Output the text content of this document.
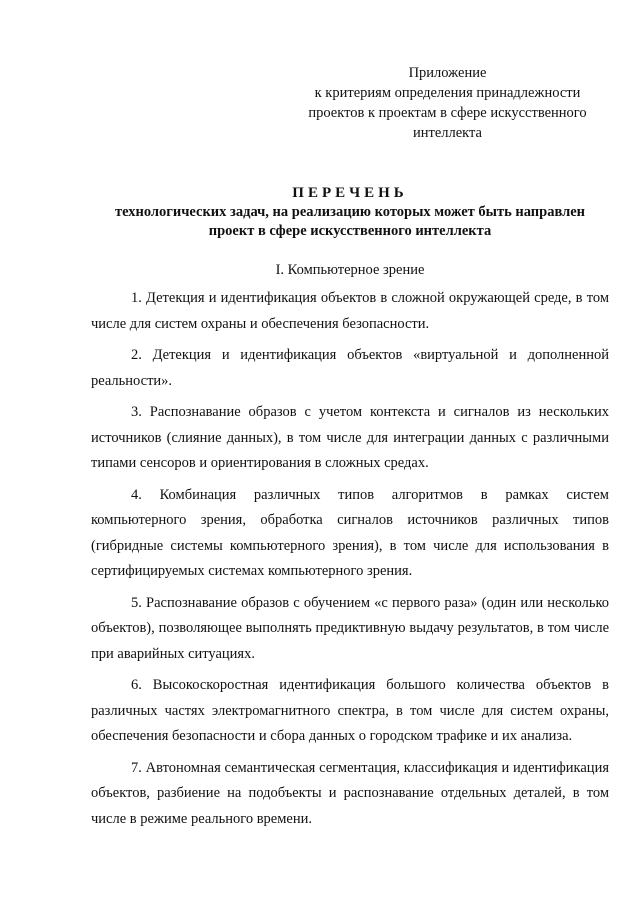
Приложение
к критериям определения принадлежности
проектов к проектам в сфере искусственного
интеллекта
ПЕРЕЧЕНЬ
технологических задач, на реализацию которых может быть направлен
проект в сфере искусственного интеллекта
I. Компьютерное зрение

1. Детекция и идентификация объектов в сложной окружающей среде, в том числе для систем охраны и обеспечения безопасности.

2. Детекция и идентификация объектов «виртуальной и дополненной реальности».

3. Распознавание образов с учетом контекста и сигналов из нескольких источников (слияние данных), в том числе для интеграции данных с различными типами сенсоров и ориентирования в сложных средах.

4. Комбинация различных типов алгоритмов в рамках систем компьютерного зрения, обработка сигналов источников различных типов (гибридные системы компьютерного зрения), в том числе для использования в сертифицируемых системах компьютерного зрения.

5. Распознавание образов с обучением «с первого раза» (один или несколько объектов), позволяющее выполнять предиктивную выдачу результатов, в том числе при аварийных ситуациях.

6. Высокоскоростная идентификация большого количества объектов в различных частях электромагнитного спектра, в том числе для систем охраны, обеспечения безопасности и сбора данных о городском трафике и их анализа.

7. Автономная семантическая сегментация, классификация и идентификация объектов, разбиение на подобъекты и распознавание отдельных деталей, в том числе в режиме реального времени.
